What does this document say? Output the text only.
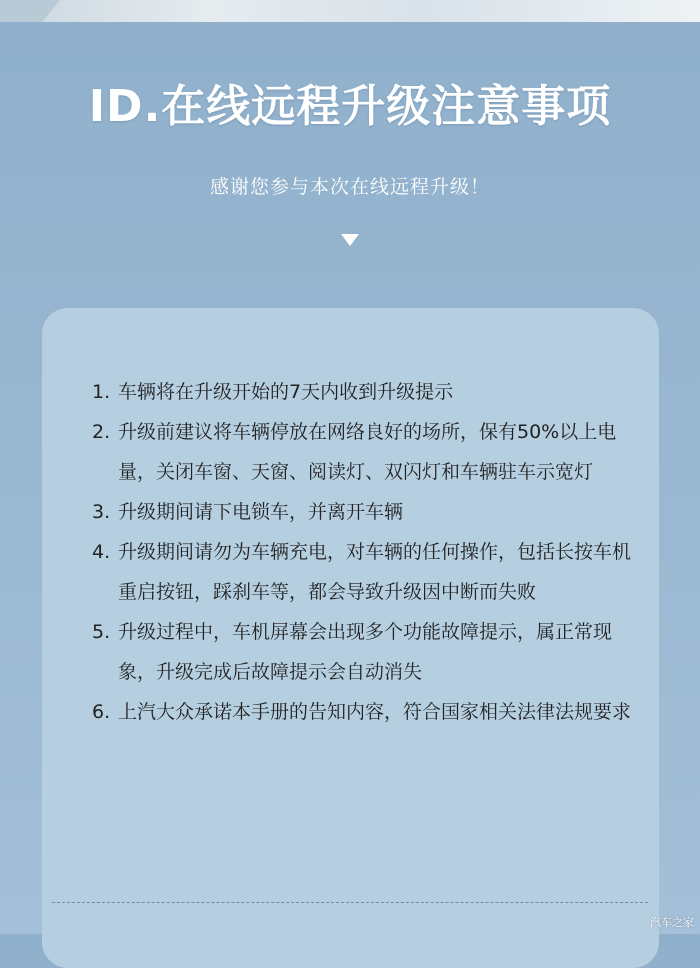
ID.在线远程升级注意事项
感谢您参与本次在线远程升级！
1. 车辆将在升级开始的7天内收到升级提示
2. 升级前建议将车辆停放在网络良好的场所，保有50%以上电量，关闭车窗、天窗、阅读灯、双闪灯和车辆驻车示宽灯
3. 升级期间请下电锁车，并离开车辆
4. 升级期间请勿为车辆充电，对车辆的任何操作，包括长按车机重启按钮，踩刹车等，都会导致升级因中断而失败
5. 升级过程中，车机屏幕会出现多个功能故障提示，属正常现象，升级完成后故障提示会自动消失
6. 上汽大众承诺本手册的告知内容，符合国家相关法律法规要求
汽车之家
